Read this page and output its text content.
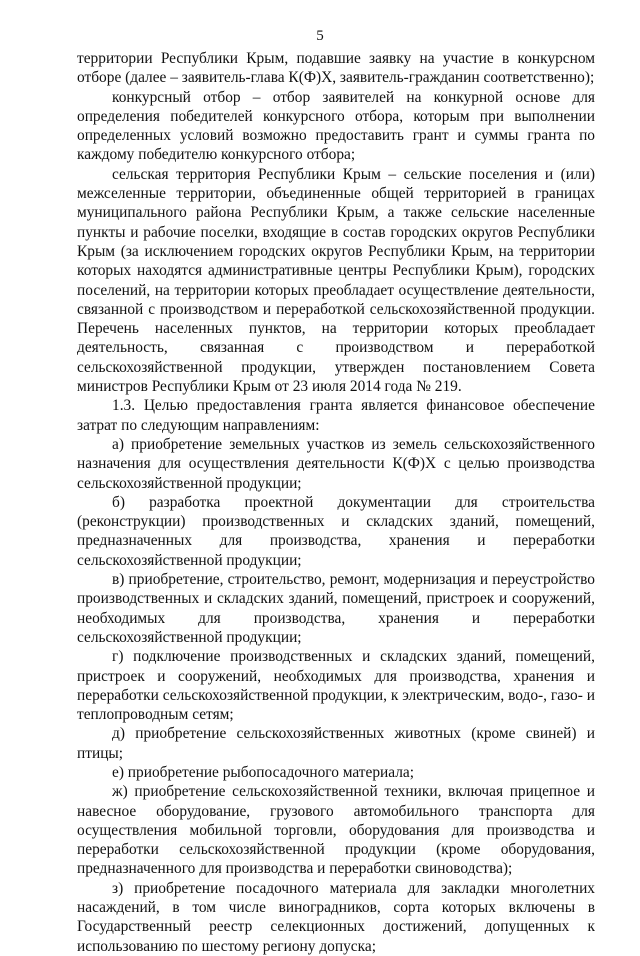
5

территории Республики Крым, подавшие заявку на участие в конкурсном отборе (далее – заявитель-глава К(Ф)Х, заявитель-гражданин соответственно);

конкурсный отбор – отбор заявителей на конкурной основе для определения победителей конкурсного отбора, которым при выполнении определенных условий возможно предоставить грант и суммы гранта по каждому победителю конкурсного отбора;

сельская территория Республики Крым – сельские поселения и (или) межселенные территории, объединенные общей территорией в границах муниципального района Республики Крым, а также сельские населенные пункты и рабочие поселки, входящие в состав городских округов Республики Крым (за исключением городских округов Республики Крым, на территории которых находятся административные центры Республики Крым), городских поселений, на территории которых преобладает осуществление деятельности, связанной с производством и переработкой сельскохозяйственной продукции. Перечень населенных пунктов, на территории которых преобладает деятельность, связанная с производством и переработкой сельскохозяйственной продукции, утвержден постановлением Совета министров Республики Крым от 23 июля 2014 года № 219.

1.3. Целью предоставления гранта является финансовое обеспечение затрат по следующим направлениям:

а) приобретение земельных участков из земель сельскохозяйственного назначения для осуществления деятельности К(Ф)Х с целью производства сельскохозяйственной продукции;

б) разработка проектной документации для строительства (реконструкции) производственных и складских зданий, помещений, предназначенных для производства, хранения и переработки сельскохозяйственной продукции;

в) приобретение, строительство, ремонт, модернизация и переустройство производственных и складских зданий, помещений, пристроек и сооружений, необходимых для производства, хранения и переработки сельскохозяйственной продукции;

г) подключение производственных и складских зданий, помещений, пристроек и сооружений, необходимых для производства, хранения и переработки сельскохозяйственной продукции, к электрическим, водо-, газо- и теплопроводным сетям;

д) приобретение сельскохозяйственных животных (кроме свиней) и птицы;

е) приобретение рыбопосадочного материала;

ж) приобретение сельскохозяйственной техники, включая прицепное и навесное оборудование, грузового автомобильного транспорта для осуществления мобильной торговли, оборудования для производства и переработки сельскохозяйственной продукции (кроме оборудования, предназначенного для производства и переработки свиноводства);

з) приобретение посадочного материала для закладки многолетних насаждений, в том числе виноградников, сорта которых включены в Государственный реестр селекционных достижений, допущенных к использованию по шестому региону допуска;
